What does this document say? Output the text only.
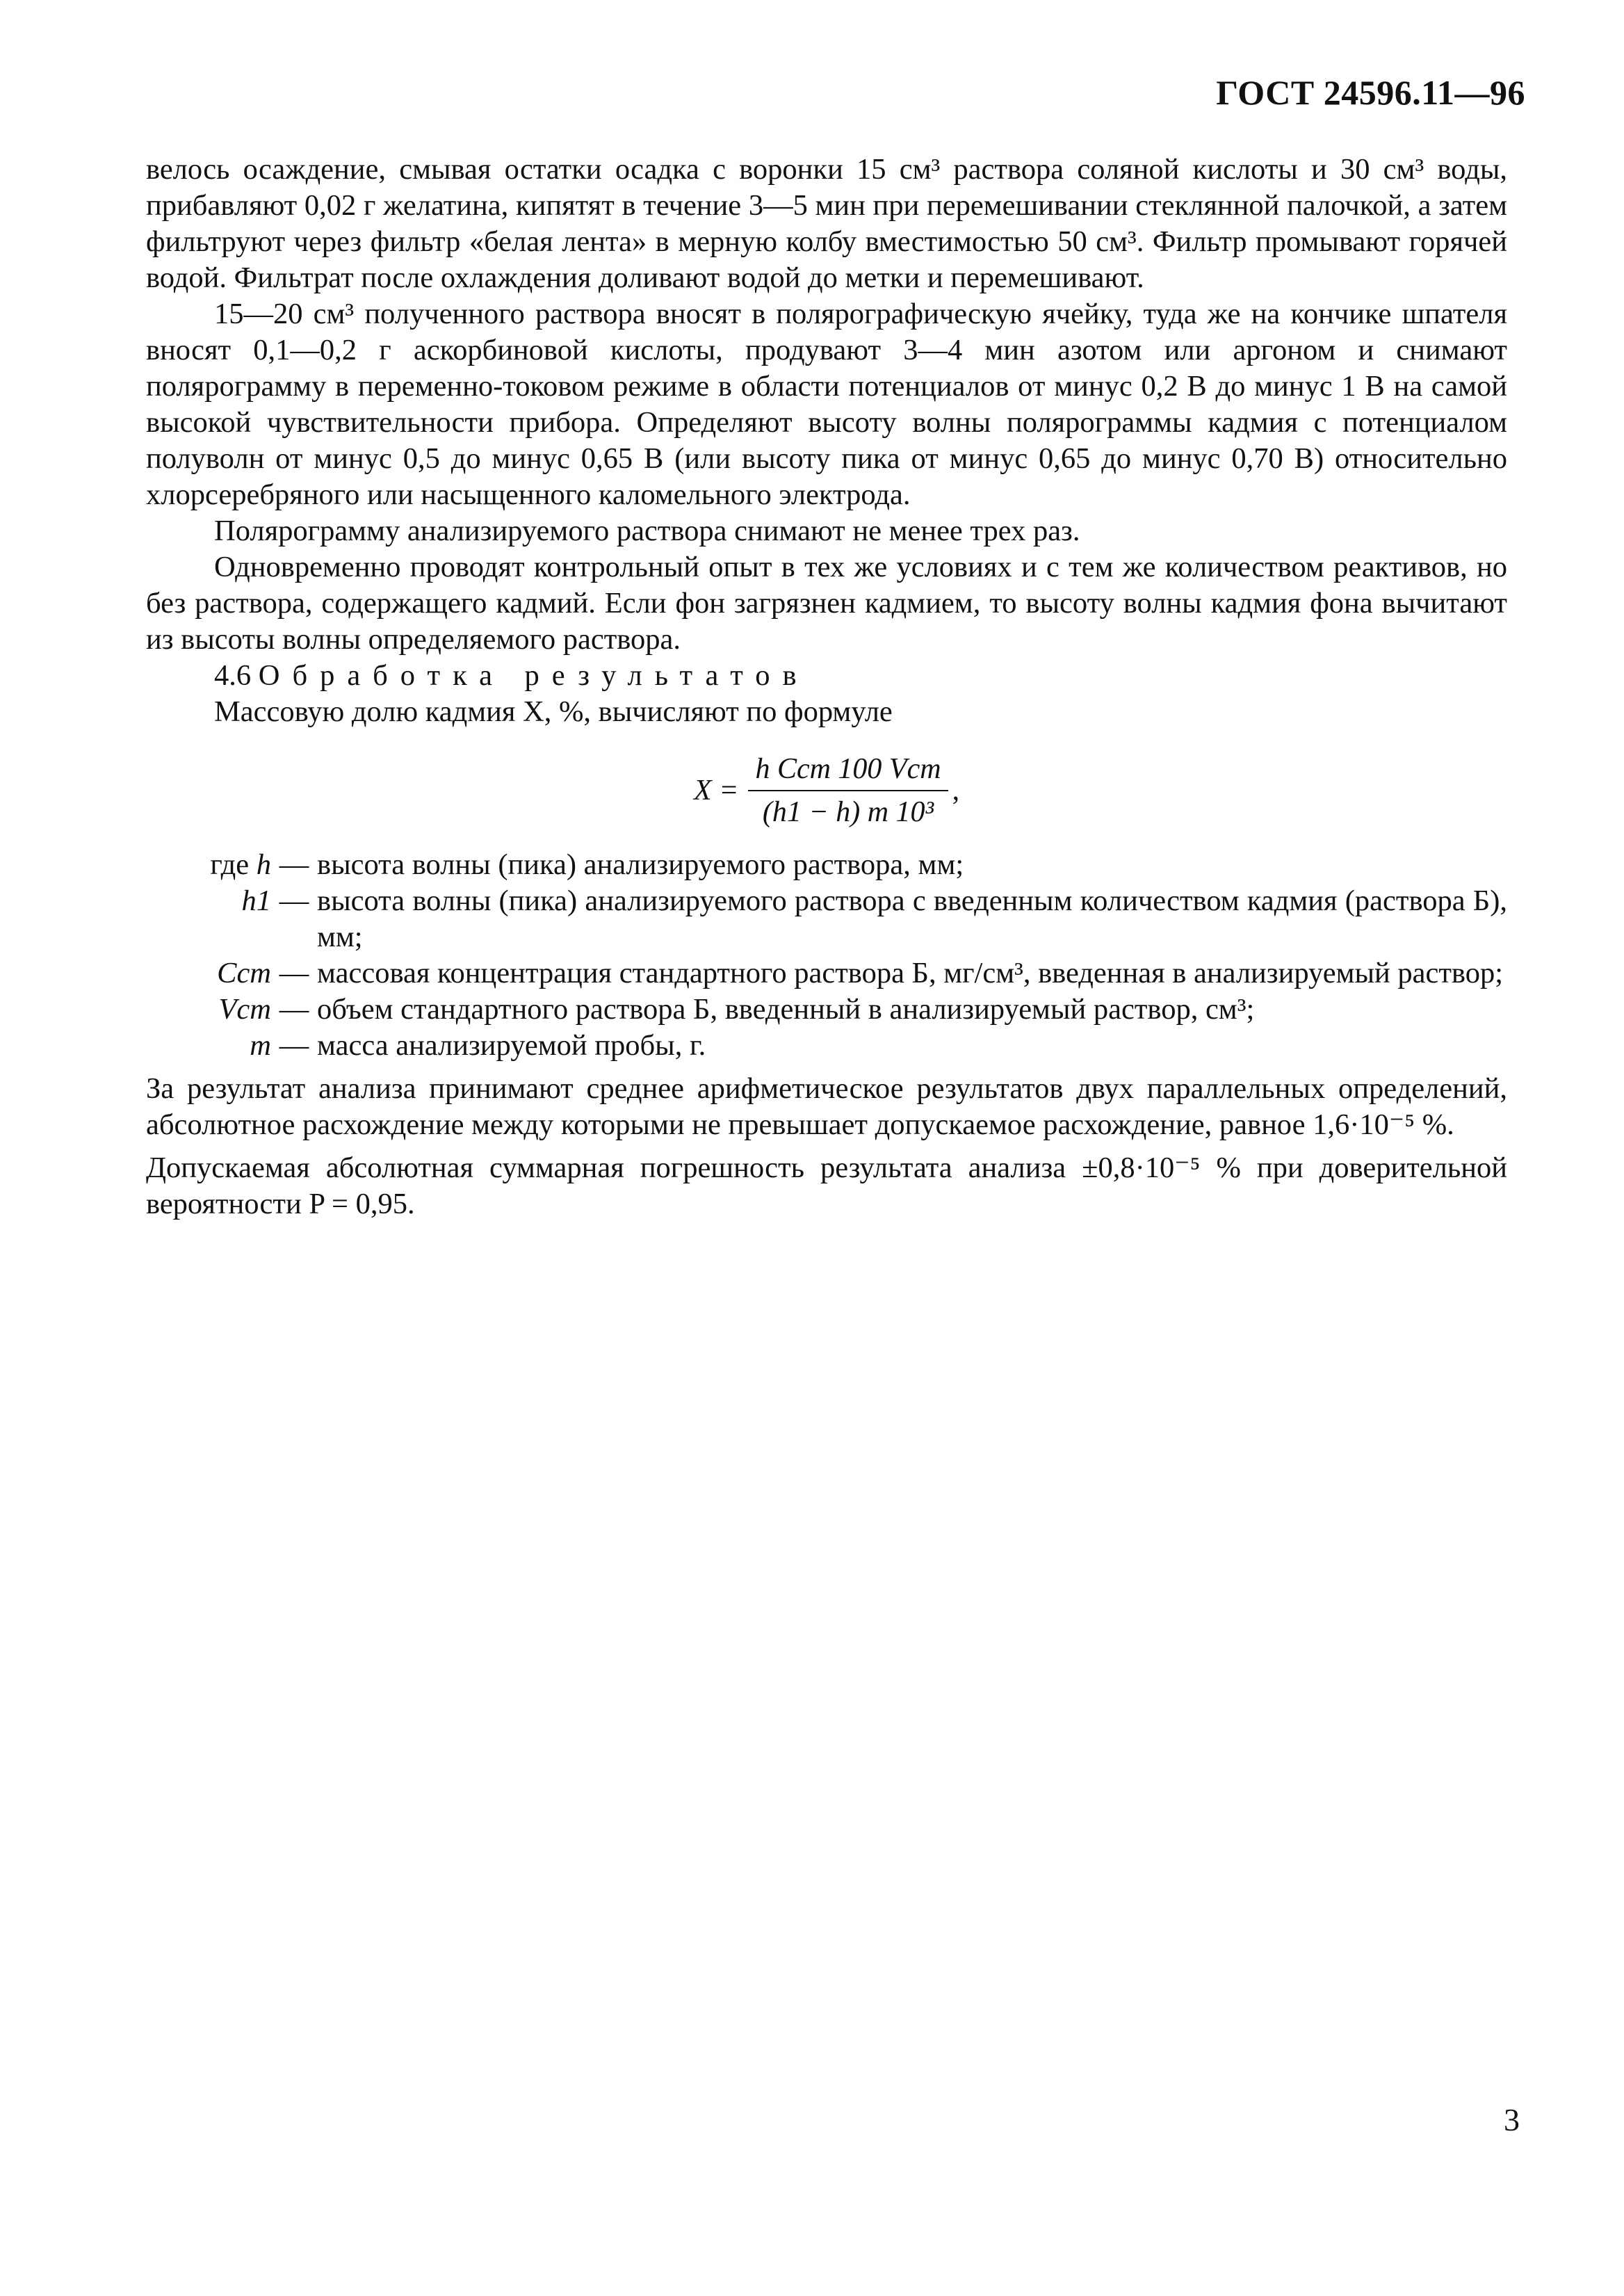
ГОСТ 24596.11—96

велось осаждение, смывая остатки осадка с воронки 15 см³ раствора соляной кислоты и 30 см³ воды, прибавляют 0,02 г желатина, кипятят в течение 3—5 мин при перемешивании стеклянной палочкой, а затем фильтруют через фильтр «белая лента» в мерную колбу вместимостью 50 см³. Фильтр промывают горячей водой. Фильтрат после охлаждения доливают водой до метки и перемешивают.

15—20 см³ полученного раствора вносят в полярографическую ячейку, туда же на кончике шпателя вносят 0,1—0,2 г аскорбиновой кислоты, продувают 3—4 мин азотом или аргоном и снимают полярограмму в переменно-токовом режиме в области потенциалов от минус 0,2 В до минус 1 В на самой высокой чувствительности прибора. Определяют высоту волны полярограммы кадмия с потенциалом полуволн от минус 0,5 до минус 0,65 В (или высоту пика от минус 0,65 до минус 0,70 В) относительно хлорсеребряного или насыщенного каломельного электрода.

Полярограмму анализируемого раствора снимают не менее трех раз.

Одновременно проводят контрольный опыт в тех же условиях и с тем же количеством реактивов, но без раствора, содержащего кадмий. Если фон загрязнен кадмием, то высоту волны кадмия фона вычитают из высоты волны определяемого раствора.

4.6 Обработка результатов

Массовую долю кадмия X, %, вычисляют по формуле

$X = \frac{\text{h Cст 100 Vст}}{\text{(h1 − h) m 10³}}$ ,
где h — высота волны (пика) анализируемого раствора, мм;
h1 — высота волны (пика) анализируемого раствора с введенным количеством кадмия (раствора Б), мм;
Cст — массовая концентрация стандартного раствора Б, мг/см³, введенная в анализируемый раствор;
Vст — объем стандартного раствора Б, введенный в анализируемый раствор, см³;
m — масса анализируемой пробы, г.

За результат анализа принимают среднее арифметическое результатов двух параллельных определений, абсолютное расхождение между которыми не превышает допускаемое расхождение, равное 1,6·10⁻⁵ %.

Допускаемая абсолютная суммарная погрешность результата анализа ±0,8·10⁻⁵ % при доверительной вероятности P = 0,95.

3
